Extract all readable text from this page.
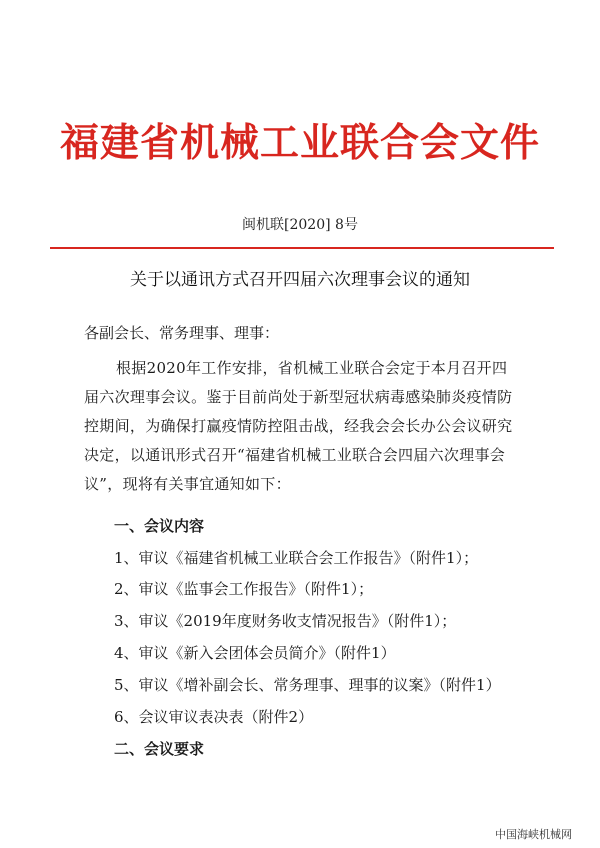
福建省机械工业联合会文件
闽机联[2020] 8号
关于以通讯方式召开四届六次理事会议的通知
各副会长、常务理事、理事：

根据2020年工作安排，省机械工业联合会定于本月召开四届六次理事会议。鉴于目前尚处于新型冠状病毒感染肺炎疫情防控期间，为确保打赢疫情防控阻击战，经我会会长办公会议研究决定，以通讯形式召开“福建省机械工业联合会四届六次理事会议”，现将有关事宜通知如下：

一、会议内容
1、审议《福建省机械工业联合会工作报告》（附件1）；
2、审议《监事会工作报告》（附件1）；
3、审议《2019年度财务收支情况报告》（附件1）；
4、审议《新入会团体会员简介》（附件1）
5、审议《增补副会长、常务理事、理事的议案》（附件1）
6、会议审议表决表（附件2）
二、会议要求
中国海峡机械网
